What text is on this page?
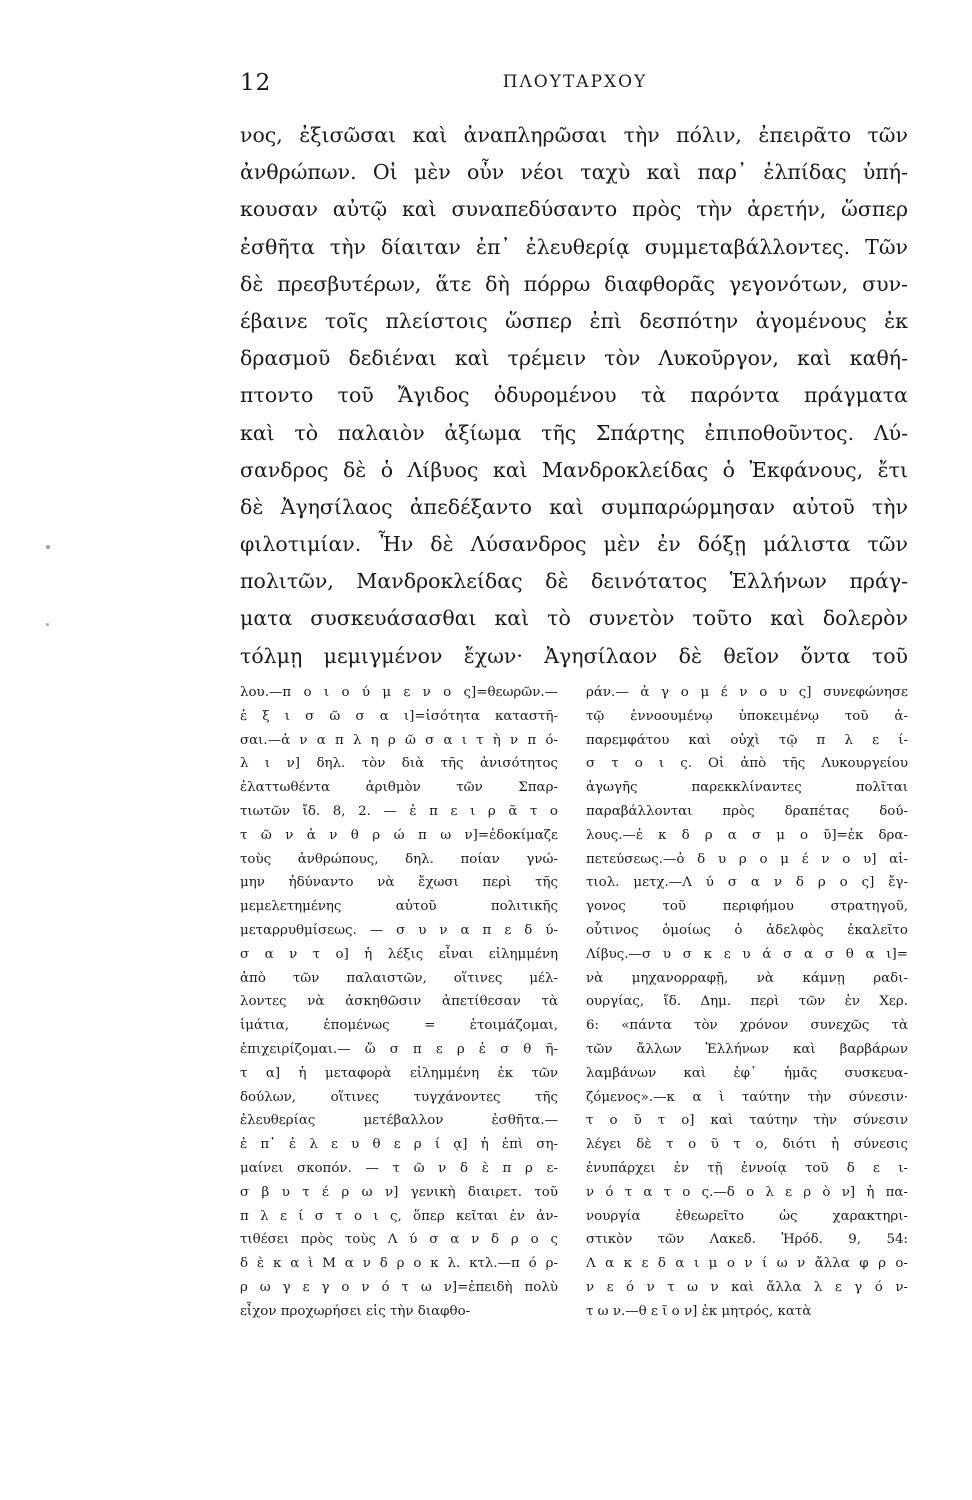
12	ΠΛΟΥΤΑΡΧΟΥ
νος, ἐξισῶσαι καὶ ἀναπληρῶσαι τὴν πόλιν, ἐπειρᾶτο τῶν
ἀνθρώπων. Οἱ μὲν οὖν νέοι ταχὺ καὶ παρ᾽ ἐλπίδας ὑπή-
κουσαν αὐτῷ καὶ συναπεδύσαντο πρὸς τὴν ἀρετήν, ὥσπερ
ἐσθῆτα τὴν δίαιταν ἐπ᾽ ἐλευθερίᾳ συμμεταβάλλοντες. Τῶν
δὲ πρεσβυτέρων, ἅτε δὴ πόρρω διαφθορᾶς γεγονότων, συν-
έβαινε τοῖς πλείστοις ὥσπερ ἐπὶ δεσπότην ἀγομένους ἐκ
δρασμοῦ δεδιέναι καὶ τρέμειν τὸν Λυκοῦργον, καὶ καθή-
πτοντο τοῦ Ἄγιδος ὀδυρομένου τὰ παρόντα πράγματα
καὶ τὸ παλαιὸν ἀξίωμα τῆς Σπάρτης ἐπιποθοῦντος. Λύ-
σανδρος δὲ ὁ Λίβυος καὶ Μανδροκλείδας ὁ Ἐκφάνους, ἔτι
δὲ Ἀγησίλαος ἀπεδέξαντο καὶ συμπαρώρμησαν αὐτοῦ τὴν
φιλοτιμίαν. Ἦν δὲ Λύσανδρος μὲν ἐν δόξῃ μάλιστα τῶν
πολιτῶν, Μανδροκλείδας δὲ δεινότατος Ἑλλήνων πράγ-
ματα συσκευάσασθαι καὶ τὸ συνετὸν τοῦτο καὶ δολερὸν
τόλμῃ μεμιγμένον ἔχων· Ἀγησίλαον δὲ θεῖον ὄντα τοῦ
λου.—π ο ι ο ύ μ ε ν ο ς]=θεωρῶν.—
ἐ ξ ι σ ῶ σ α ι]=ἰσότητα καταστῆ-
σαι.—ἀ ν α π λ η ρ ῶ σ α ι τ ὴ ν π ό-
λ ι ν] δηλ. τὸν διὰ τῆς ἀνισότητος
ἐλαττωθέντα ἀριθμὸν τῶν Σπαρ-
τιωτῶν ἴδ. 8, 2. — ἐ π ε ι ρ ᾶ τ ο
τ ῶ ν ἀ ν θ ρ ώ π ω ν]=ἐδοκίμαζε
τοὺς ἀνθρώπους, δηλ. ποίαν γνώ-
μην ἠδύναντο νὰ ἔχωσι περὶ τῆς
μεμελετημένης αὐτοῦ πολιτικῆς
μεταρρυθμίσεως. — σ υ ν α π ε δ ύ-
σ α ν τ ο] ἡ λέξις εἶναι εἰλημμένη
ἀπὸ τῶν παλαιστῶν, οἵτινες μέλ-
λοντες νὰ ἀσκηθῶσιν ἀπετίθεσαν τὰ
ἱμάτια, ἑπομένως = ἑτοιμάζομαι,
ἐπιχειρίζομαι.— ὥ σ π ε ρ ἐ σ θ ῆ-
τ α] ἡ μεταφορὰ εἰλημμένη ἐκ τῶν
δούλων, οἵτινες τυγχάνοντες τῆς
ἐλευθερίας μετέβαλλον ἐσθῆτα.—
ἐ π᾽ ἐ λ ε υ θ ε ρ ί ᾳ] ἡ ἐπὶ ση-
μαίνει σκοπόν. — τ ῶ ν δ ὲ π ρ ε-
σ β υ τ έ ρ ω ν] γενικὴ διαιρετ. τοῦ
π λ ε ί σ τ ο ι ς, ὅπερ κεῖται ἐν ἀν-
τιθέσει πρὸς τοὺς Λ ύ σ α ν δ ρ ο ς
δ ὲ κ α ὶ Μ α ν δ ρ ο κ λ. κτλ.—π ό ρ-
ρ ω γ ε γ ο ν ό τ ω ν]=ἐπειδὴ πολὺ
εἶχον προχωρήσει εἰς τὴν διαφθο-
ράν.— ἀ γ ο μ έ ν ο υ ς] συνεφώνησε
τῷ ἐννοουμένῳ ὑποκειμένῳ τοῦ ἀ-
παρεμφάτου καὶ οὐχὶ τῷ π λ ε ί-
σ τ ο ι ς. Οἱ ἀπὸ τῆς Λυκουργείου
ἀγωγῆς παρεκκλίναντες πολῖται
παραβάλλονται πρὸς δραπέτας δού-
λους.—ἐ κ δ ρ α σ μ ο ῦ]=ἐκ δρα-
πετεύσεως.—ὀ δ υ ρ ο μ έ ν ο υ] αἰ-
τιολ. μετχ.—Λ ύ σ α ν δ ρ ο ς] ἔγ-
γονος τοῦ περιφήμου στρατηγοῦ,
οὗτινος ὁμοίως ὁ ἀδελφὸς ἐκαλεῖτο
Λίβυς.—σ υ σ κ ε υ ά σ α σ θ α ι]=
νὰ μηχανορραφῇ, νὰ κάμνῃ ραδι-
ουργίας, ἴδ. Δημ. περὶ τῶν ἐν Χερ.
6: «πάντα τὸν χρόνον συνεχῶς τὰ
τῶν ἄλλων Ἑλλήνων καὶ βαρβάρων
λαμβάνων καὶ ἐφ᾽ ἡμᾶς συσκευα-
ζόμενος».—κ α ὶ ταύτην τὴν σύνεσιν·
τ ο ῦ τ ο] καὶ ταύτην τὴν σύνεσιν
λέγει δὲ τ ο ῦ τ ο, διότι ἡ σύνεσις
ἐνυπάρχει ἐν τῇ ἐννοίᾳ τοῦ δ ε ι-
ν ό τ α τ ο ς.—δ ο λ ε ρ ὸ ν] ἡ πα-
νουργία ἐθεωρεῖτο ὡς χαρακτηρι-
στικὸν τῶν Λακεδ. Ἡρόδ. 9, 54:
Λ α κ ε δ α ι μ ο ν ί ω ν ἄλλα φ ρ ο-
ν ε ό ν τ ω ν καὶ ἄλλα λ ε γ ό ν-
τ ω ν.—θ ε ῖ ο ν] ἐκ μητρός, κατὰ
